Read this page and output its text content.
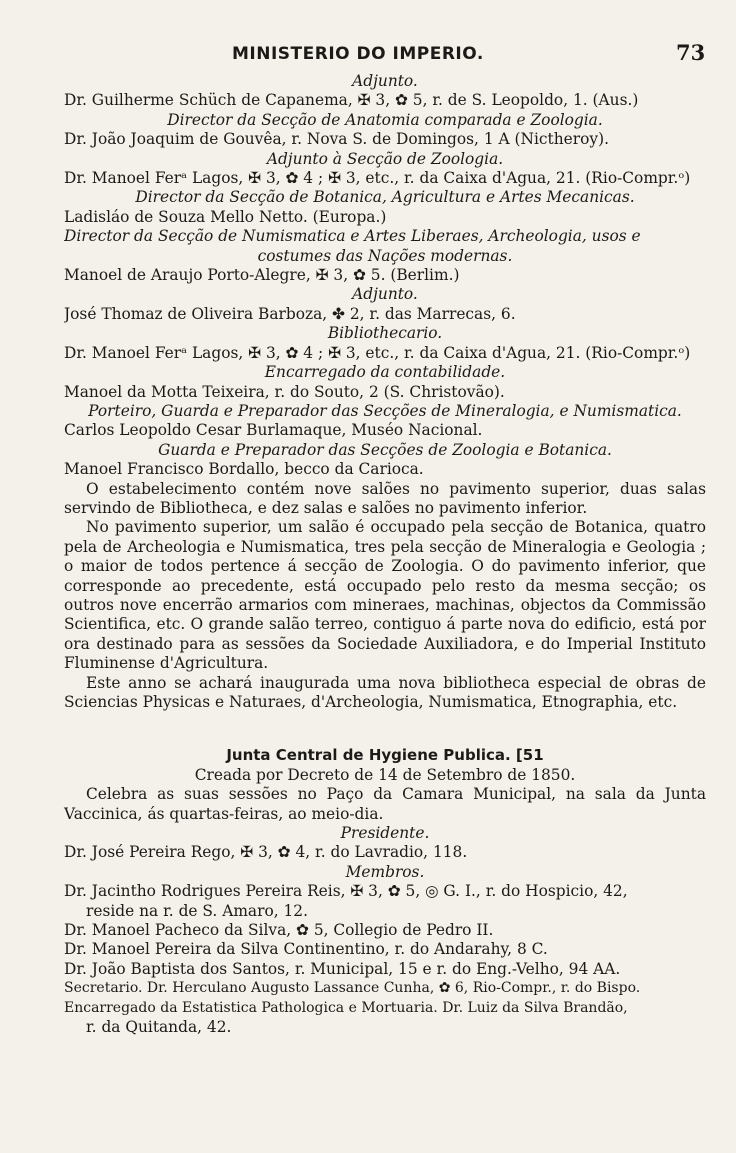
MINISTERIO DO IMPERIO.	73
Adjunto.
Dr. Guilherme Schüch de Capanema, ✠ 3, ✿ 5, r. de S. Leopoldo, 1. (Aus.)
Director da Secção de Anatomia comparada e Zoologia.
Dr. João Joaquim de Gouvêa, r. Nova S. de Domingos, 1 A (Nictheroy).
Adjunto à Secção de Zoologia.
Dr. Manoel Ferᵃ Lagos, ✠ 3, ✿ 4 ; ✠ 3, etc., r. da Caixa d'Agua, 21. (Rio-Compr.ᵒ)
Director da Secção de Botanica, Agricultura e Artes Mecanicas.
Ladisláo de Souza Mello Netto. (Europa.)
Director da Secção de Numismatica e Artes Liberaes, Archeologia, usos e
costumes das Nações modernas.
Manoel de Araujo Porto-Alegre, ✠ 3, ✿ 5. (Berlim.)
Adjunto.
José Thomaz de Oliveira Barboza, ✤ 2, r. das Marrecas, 6.
Bibliothecario.
Dr. Manoel Ferᵃ Lagos, ✠ 3, ✿ 4 ; ✠ 3, etc., r. da Caixa d'Agua, 21. (Rio-Compr.ᵒ)
Encarregado da contabilidade.
Manoel da Motta Teixeira, r. do Souto, 2 (S. Christovão).
Porteiro, Guarda e Preparador das Secções de Mineralogia, e Numismatica.
Carlos Leopoldo Cesar Burlamaque, Muséo Nacional.
Guarda e Preparador das Secções de Zoologia e Botanica.
Manoel Francisco Bordallo, becco da Carioca.
O estabelecimento contém nove salões no pavimento superior, duas salas servindo de Bibliotheca, e dez salas e salões no pavimento inferior.
No pavimento superior, um salão é occupado pela secção de Botanica, quatro pela de Archeologia e Numismatica, tres pela secção de Mineralogia e Geologia ; o maior de todos pertence á secção de Zoologia. O do pavimento inferior, que corresponde ao precedente, está occupado pelo resto da mesma secção; os outros nove encerrão armarios com mineraes, machinas, objectos da Commissão Scientifica, etc. O grande salão terreo, contiguo á parte nova do edificio, está por ora destinado para as sessões da Sociedade Auxiliadora, e do Imperial Instituto Fluminense d'Agricultura.
Este anno se achará inaugurada uma nova bibliotheca especial de obras de Sciencias Physicas e Naturaes, d'Archeologia, Numismatica, Etnographia, etc.
Junta Central de Hygiene Publica. [51
Creada por Decreto de 14 de Setembro de 1850.
Celebra as suas sessões no Paço da Camara Municipal, na sala da Junta Vaccinica, ás quartas-feiras, ao meio-dia.
Presidente.
Dr. José Pereira Rego, ✠ 3, ✿ 4, r. do Lavradio, 118.
Membros.
Dr. Jacintho Rodrigues Pereira Reis, ✠ 3, ✿ 5, ◎ G. I., r. do Hospicio, 42,
reside na r. de S. Amaro, 12.
Dr. Manoel Pacheco da Silva, ✿ 5, Collegio de Pedro II.
Dr. Manoel Pereira da Silva Continentino, r. do Andarahy, 8 C.
Dr. João Baptista dos Santos, r. Municipal, 15 e r. do Eng.-Velho, 94 AA.
Secretario. Dr. Herculano Augusto Lassance Cunha, ✿ 6, Rio-Compr., r. do Bispo.
Encarregado da Estatistica Pathologica e Mortuaria. Dr. Luiz da Silva Brandão,
r. da Quitanda, 42.
